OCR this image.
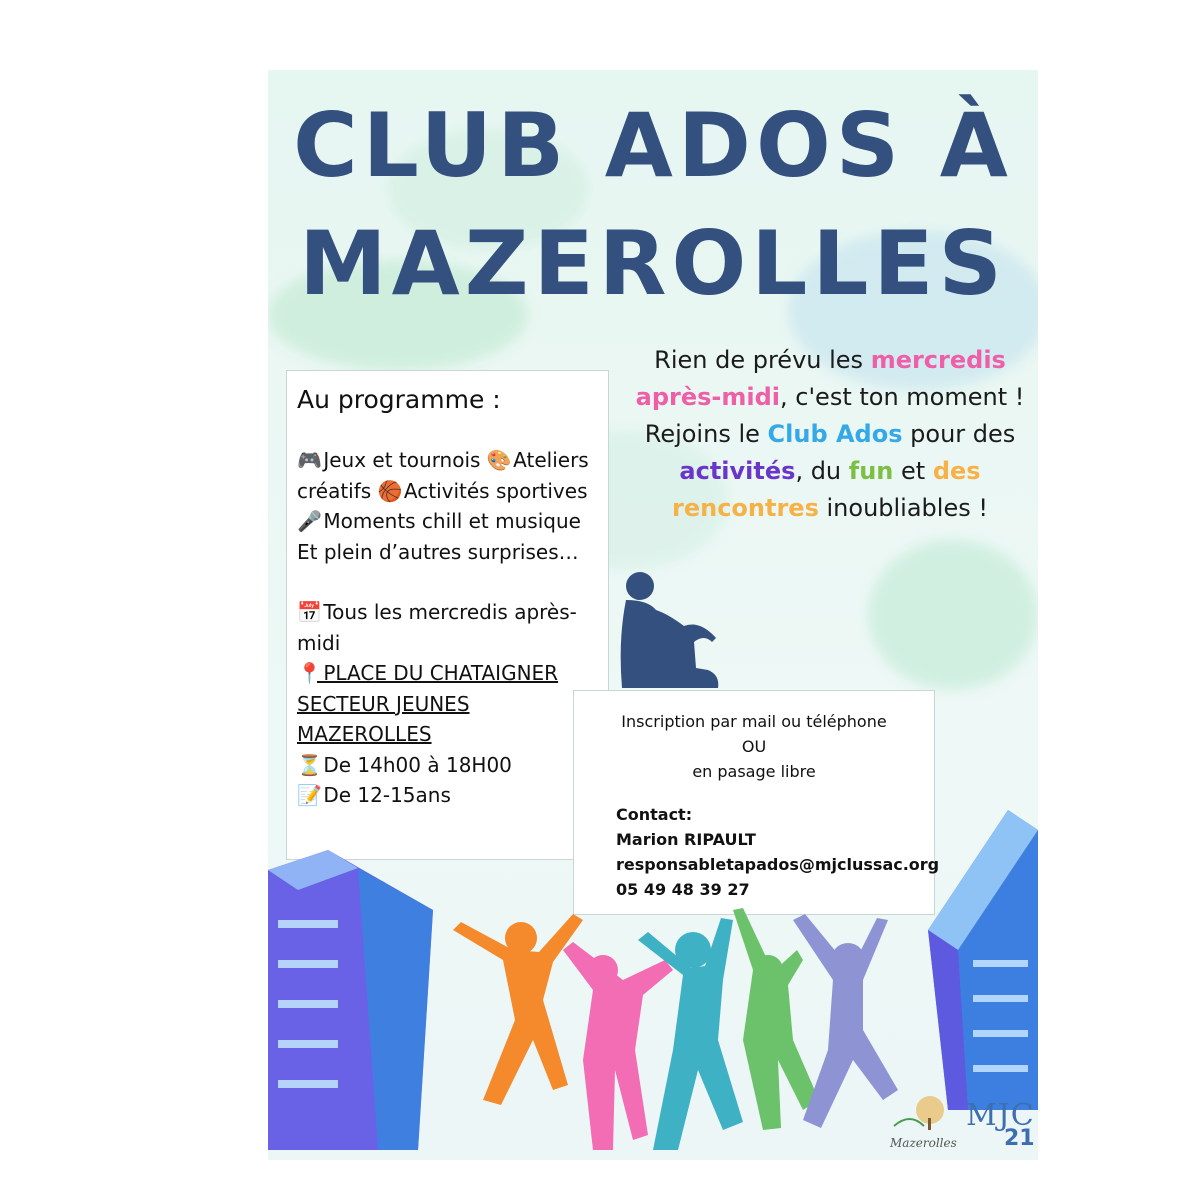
CLUB ADOS À
MAZEROLLES
Rien de prévu les mercredis après-midi, c'est ton moment ! Rejoins le Club Ados pour des activités, du fun et des rencontres inoubliables !
Au programme :

🎮 Jeux et tournois 🎨 Ateliers créatifs 🏀 Activités sportives 🎤 Moments chill et musique

Et plein d’autres surprises…

📅 Tous les mercredis après-midi

📍 PLACE DU CHATAIGNER SECTEUR JEUNES MAZEROLLES

⏳ De 14h00 à 18H00

📝 De 12-15ans

Inscription par mail ou téléphone
OU
en pasage libre
Contact:
Marion RIPAULT
responsabletapados@mjclussac.org
05 49 48 39 27
Mazerolles
MJC
21
